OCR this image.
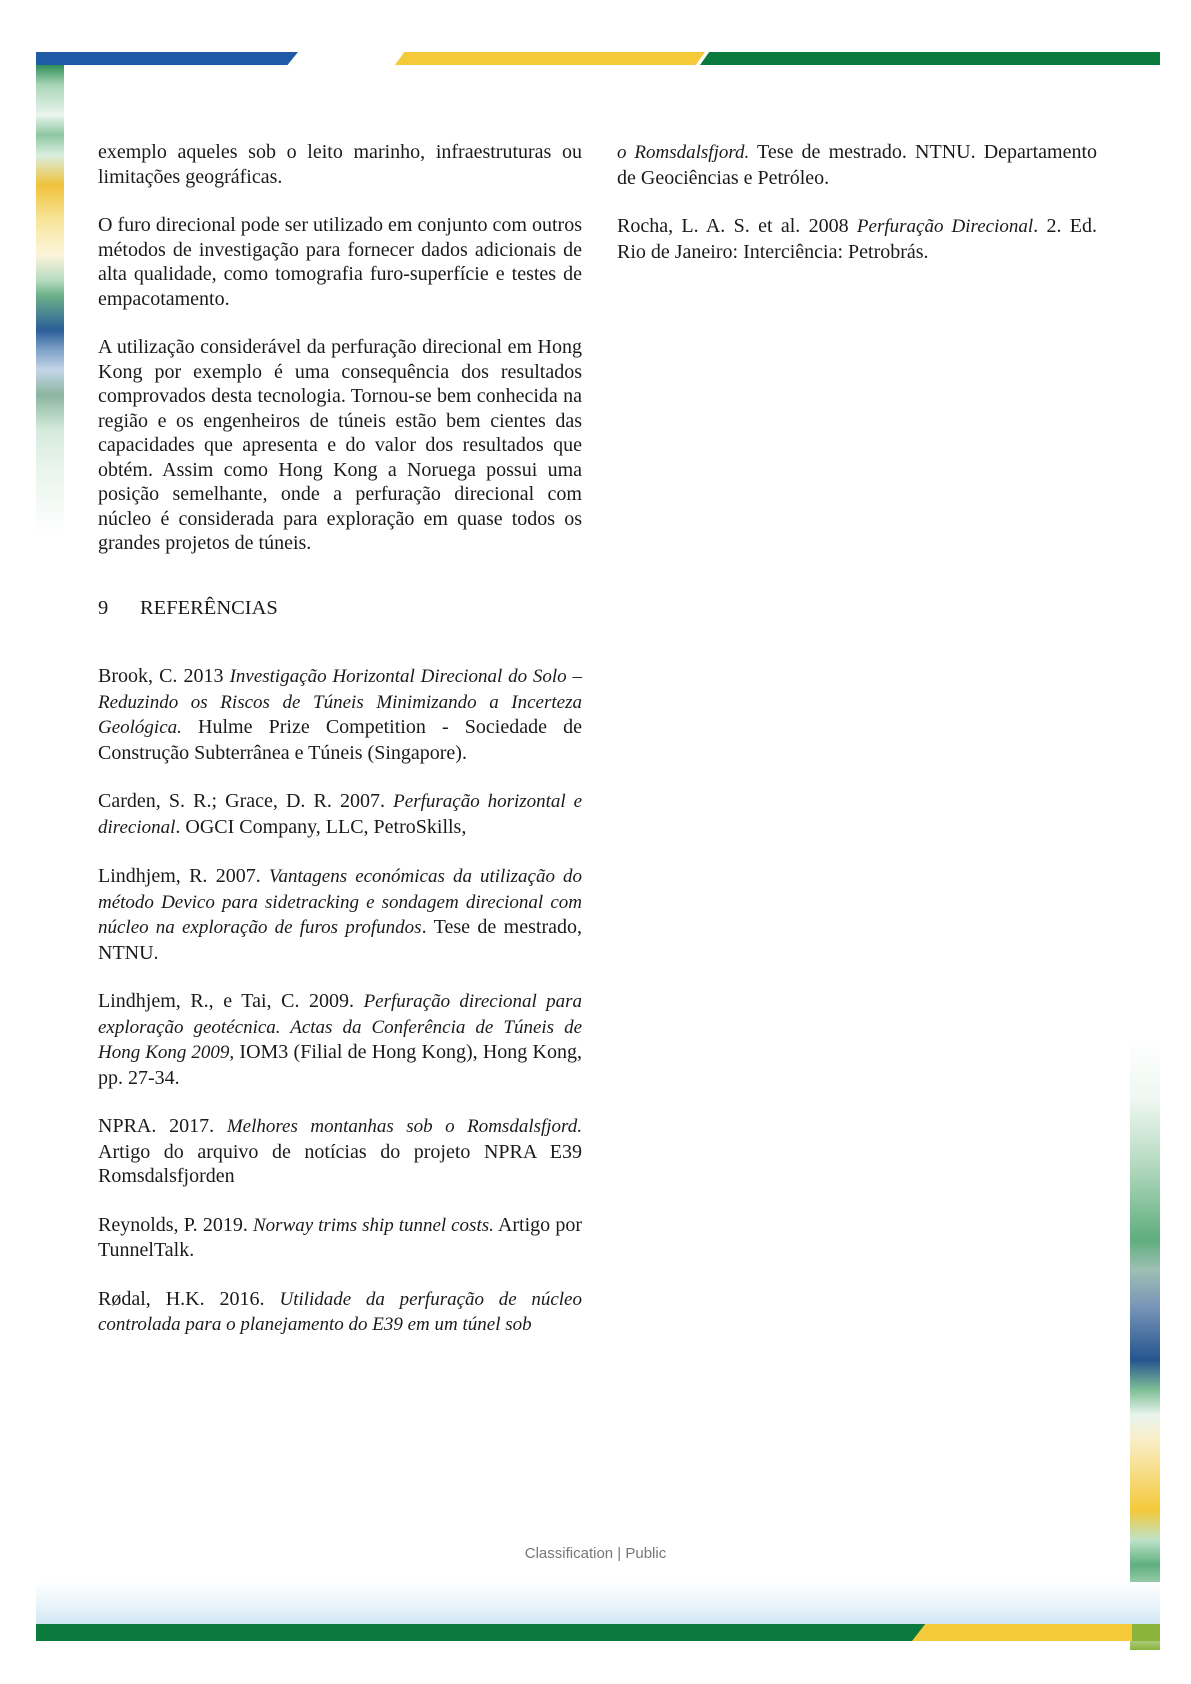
exemplo aqueles sob o leito marinho, infraestruturas ou limitações geográficas.

O furo direcional pode ser utilizado em conjunto com outros métodos de investigação para fornecer dados adicionais de alta qualidade, como tomografia furo-superfície e testes de empacotamento.

A utilização considerável da perfuração direcional em Hong Kong por exemplo é uma consequência dos resultados comprovados desta tecnologia. Tornou-se bem conhecida na região e os engenheiros de túneis estão bem cientes das capacidades que apresenta e do valor dos resultados que obtém. Assim como Hong Kong a Noruega possui uma posição semelhante, onde a perfuração direcional com núcleo é considerada para exploração em quase todos os grandes projetos de túneis.

9 REFERÊNCIAS
Brook, C. 2013 Investigação Horizontal Direcional do Solo – Reduzindo os Riscos de Túneis Minimizando a Incerteza Geológica. Hulme Prize Competition - Sociedade de Construção Subterrânea e Túneis (Singapore).
Carden, S. R.; Grace, D. R. 2007. Perfuração horizontal e direcional. OGCI Company, LLC, PetroSkills,
Lindhjem, R. 2007. Vantagens económicas da utilização do método Devico para sidetracking e sondagem direcional com núcleo na exploração de furos profundos. Tese de mestrado, NTNU.
Lindhjem, R., e Tai, C. 2009. Perfuração direcional para exploração geotécnica. Actas da Conferência de Túneis de Hong Kong 2009, IOM3 (Filial de Hong Kong), Hong Kong, pp. 27-34.
NPRA. 2017. Melhores montanhas sob o Romsdalsfjord. Artigo do arquivo de notícias do projeto NPRA E39 Romsdalsfjorden
Reynolds, P. 2019. Norway trims ship tunnel costs. Artigo por TunnelTalk.
Rødal, H.K. 2016. Utilidade da perfuração de núcleo controlada para o planejamento do E39 em um túnel sob
o Romsdalsfjord. Tese de mestrado. NTNU. Departamento de Geociências e Petróleo.
Rocha, L. A. S. et al. 2008 Perfuração Direcional. 2. Ed. Rio de Janeiro: Interciência: Petrobrás.
Classification | Public
